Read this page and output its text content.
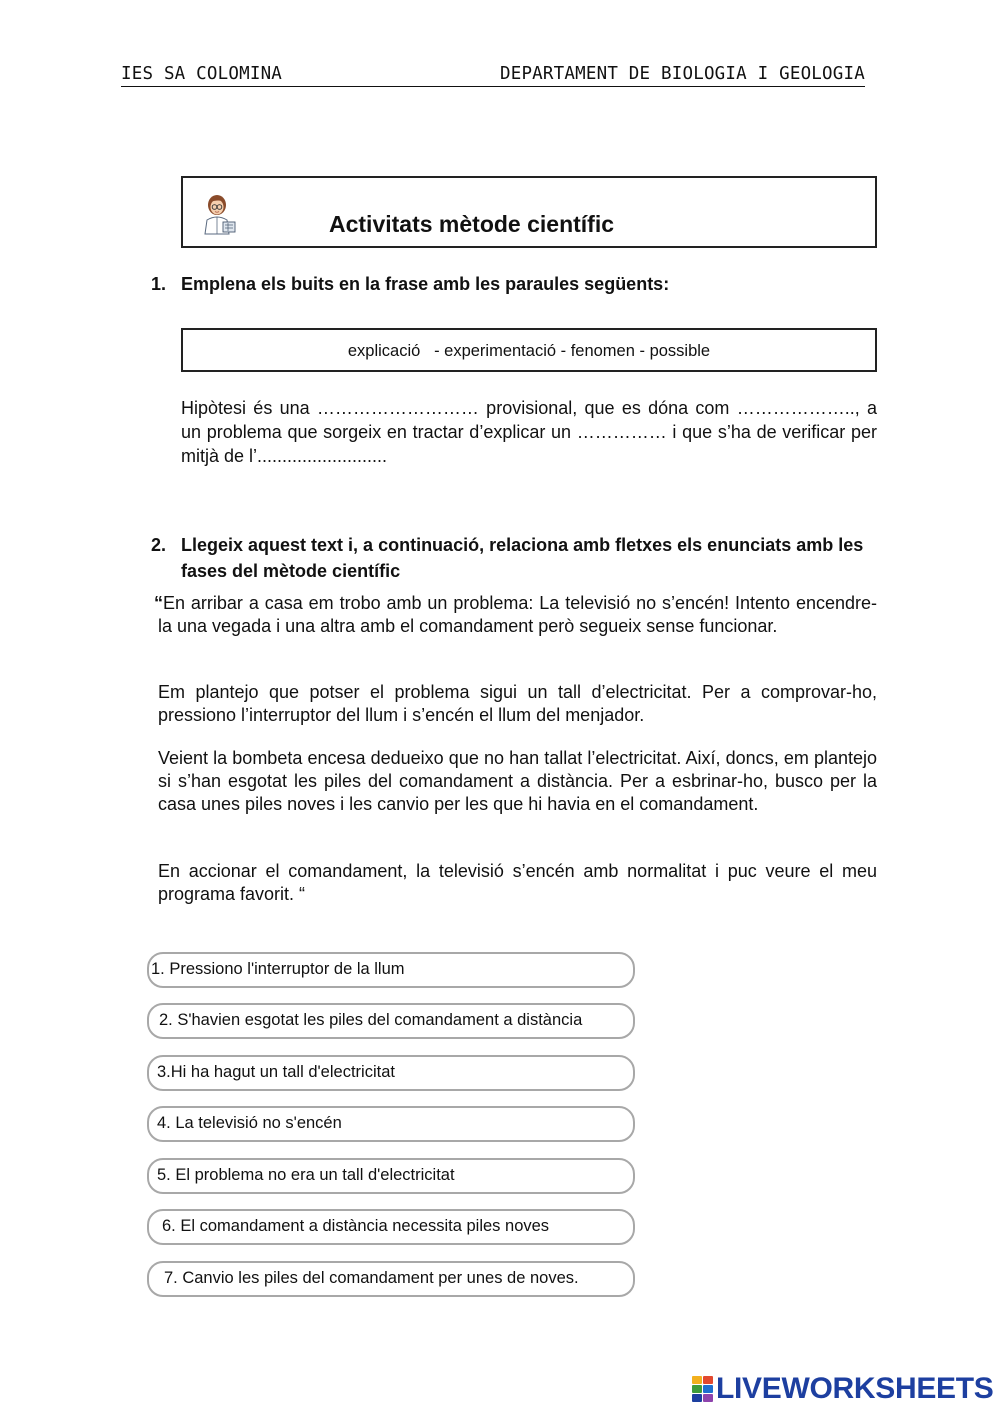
IES SA COLOMINA	DEPARTAMENT DE BIOLOGIA I GEOLOGIA
Activitats mètode científic
1. Emplena els buits en la frase amb les paraules següents:
explicació   - experimentació - fenomen - possible
Hipòtesi és una ……………………… provisional, que es dóna com ……………….., a un problema que sorgeix en tractar d’explicar un …………… i que s’ha de verificar per mitjà de l’..........................
2. Llegeix aquest text i, a continuació, relaciona amb fletxes els enunciats amb les fases del mètode científic
“En arribar a casa em trobo amb un problema: La televisió no s’encén! Intento encendre-la una vegada i una altra amb el comandament però segueix sense funcionar.
Em plantejo que potser el problema sigui un tall d’electricitat. Per a comprovar-ho, pressiono l’interruptor del llum i s’encén el llum del menjador.
Veient la bombeta encesa dedueixo que no han tallat l’electricitat. Així, doncs, em plantejo si s’han esgotat les piles del comandament a distància. Per a esbrinar-ho, busco per la casa unes piles noves i les canvio per les que hi havia en el comandament.
En accionar el comandament, la televisió s’encén amb normalitat i puc veure el meu programa favorit. “
1. Pressiono l'interruptor de la llum
2. S'havien esgotat les piles del comandament a distància
3.Hi ha hagut un tall d'electricitat
4. La televisió no s'encén
5. El problema no era un tall d'electricitat
6. El comandament a distància necessita piles noves
7. Canvio les piles del comandament per unes de noves.
LIVEWORKSHEETS
